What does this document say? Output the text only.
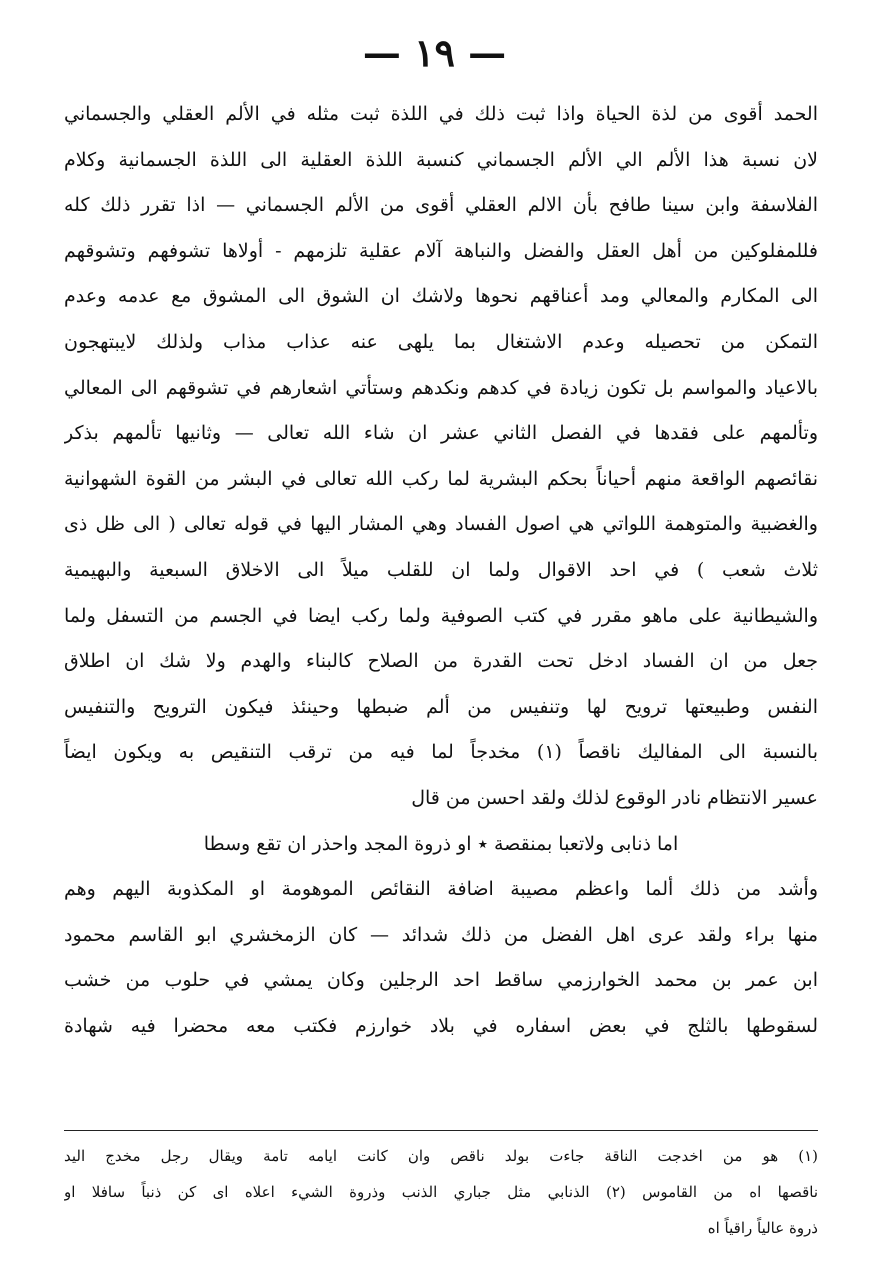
— ١٩ —
الحمد أقوى من لذة الحياة واذا ثبت ذلك في اللذة ثبت مثله في الألم العقلي والجسماني
لان نسبة هذا الألم الي الألم الجسماني كنسبة اللذة العقلية الى اللذة الجسمانية وكلام
الفلاسفة وابن سينا طافح بأن الالم العقلي أقوى من الألم الجسماني — اذا تقرر ذلك كله
فللمفلوكين من أهل العقل والفضل والنباهة آلام عقلية تلزمهم - أولاها تشوفهم وتشوقهم
الى المكارم والمعالي ومد أعناقهم نحوها ولاشك ان الشوق الى المشوق مع عدمه وعدم
التمكن من تحصيله وعدم الاشتغال بما يلهى عنه عذاب مذاب ولذلك لايبتهجون
بالاعياد والمواسم بل تكون زيادة في كدهم ونكدهم وستأتي اشعارهم في تشوقهم الى المعالي
وتألمهم على فقدها في الفصل الثاني عشر ان شاء الله تعالى — وثانيها تألمهم بذكر
نقائصهم الواقعة منهم أحياناً بحكم البشرية لما ركب الله تعالى في البشر من القوة الشهوانية
والغضبية والمتوهمة اللواتي هي اصول الفساد وهي المشار اليها في قوله تعالى ( الى ظل ذى
ثلاث شعب ) في احد الاقوال ولما ان للقلب ميلاً الى الاخلاق السبعية والبهيمية
والشيطانية على ماهو مقرر في كتب الصوفية ولما ركب ايضا في الجسم من التسفل ولما
جعل من ان الفساد ادخل تحت القدرة من الصلاح كالبناء والهدم ولا شك ان اطلاق
النفس وطبيعتها ترويح لها وتنفيس من ألم ضبطها وحينئذ فيكون الترويح والتنفيس
بالنسبة الى المفاليك ناقصاً (١) مخدجاً لما فيه من ترقب التنقيص به ويكون ايضاً
عسير الانتظام نادر الوقوع لذلك ولقد احسن من قال
اما ذنابى ولاتعبا بمنقصة ٭ او ذروة المجد واحذر ان تقع وسطا
وأشد من ذلك ألما واعظم مصيبة اضافة النقائص الموهومة او المكذوبة اليهم وهم
منها براء ولقد عرى اهل الفضل من ذلك شدائد — كان الزمخشري ابو القاسم محمود
ابن عمر بن محمد الخوارزمي ساقط احد الرجلين وكان يمشي في حلوب من خشب
لسقوطها بالثلج في بعض اسفاره في بلاد خوارزم فكتب معه محضرا فيه شهادة
(١) هو من اخدجت الناقة جاءت بولد ناقص وان كانت ايامه تامة ويقال رجل مخدج اليد
ناقصها اه من القاموس (٢) الذنابي مثل جباري الذنب وذروة الشيء اعلاه اى كن ذنباً سافلا او
ذروة عالياً راقياً اه
